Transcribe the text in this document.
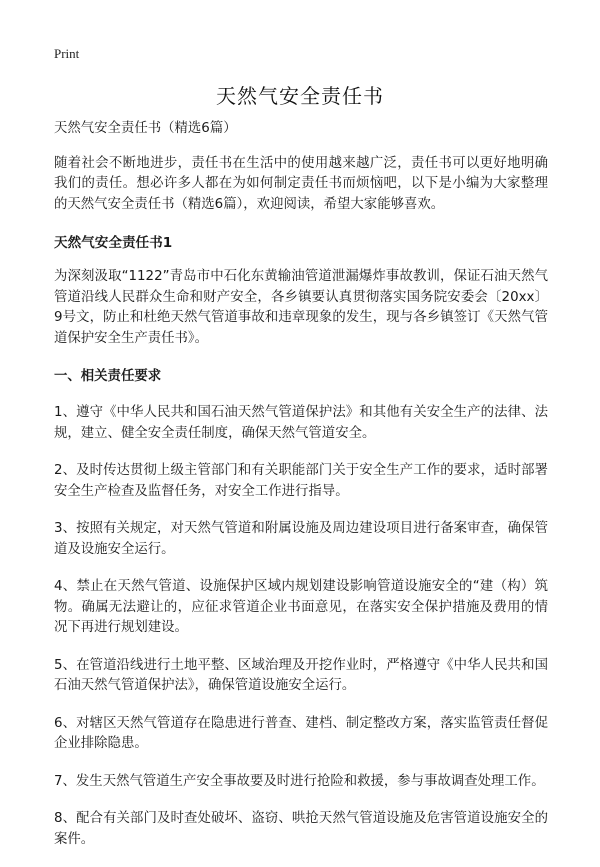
Print
天然气安全责任书

天然气安全责任书（精选6篇）

随着社会不断地进步，责任书在生活中的使用越来越广泛，责任书可以更好地明确我们的责任。想必许多人都在为如何制定责任书而烦恼吧，以下是小编为大家整理的天然气安全责任书（精选6篇），欢迎阅读，希望大家能够喜欢。

天然气安全责任书1

为深刻汲取“1122”青岛市中石化东黄输油管道泄漏爆炸事故教训，保证石油天然气管道沿线人民群众生命和财产安全，各乡镇要认真贯彻落实国务院安委会〔20xx〕9号文，防止和杜绝天然气管道事故和违章现象的发生，现与各乡镇签订《天然气管道保护安全生产责任书》。

一、相关责任要求

1、遵守《中华人民共和国石油天然气管道保护法》和其他有关安全生产的法律、法规，建立、健全安全责任制度，确保天然气管道安全。

2、及时传达贯彻上级主管部门和有关职能部门关于安全生产工作的要求，适时部署安全生产检查及监督任务，对安全工作进行指导。

3、按照有关规定，对天然气管道和附属设施及周边建设项目进行备案审查，确保管道及设施安全运行。

4、禁止在天然气管道、设施保护区域内规划建设影响管道设施安全的“建（构）筑物。确属无法避让的，应征求管道企业书面意见，在落实安全保护措施及费用的情况下再进行规划建设。

5、在管道沿线进行土地平整、区域治理及开挖作业时，严格遵守《中华人民共和国石油天然气管道保护法》，确保管道设施安全运行。

6、对辖区天然气管道存在隐患进行普查、建档、制定整改方案，落实监管责任督促企业排除隐患。

7、发生天然气管道生产安全事故要及时进行抢险和救援，参与事故调查处理工作。

8、配合有关部门及时查处破坏、盗窃、哄抢天然气管道设施及危害管道设施安全的案件。
